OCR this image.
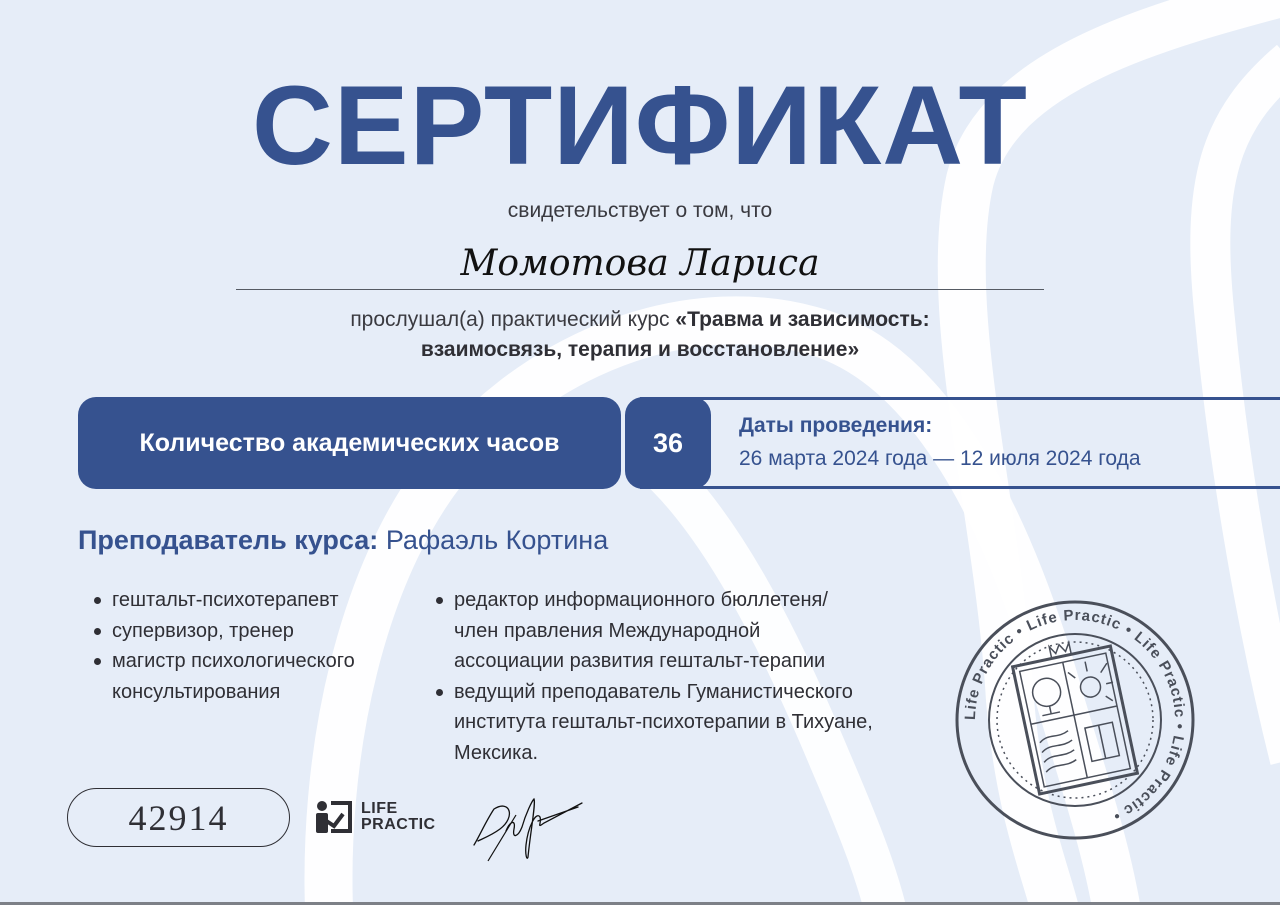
СЕРТИФИКАТ
свидетельствует о том, что
Момотова Лариса
прослушал(а) практический курс «Травма и зависимость:
взаимосвязь, терапия и восстановление»
Количество академических часов	36
Даты проведения:
26 марта 2024 года — 12 июля 2024 года
Преподаватель курса: Рафаэль Кортина
гештальт-психотерапевт
супервизор, тренер
магистр психологического консультирования
редактор информационного бюллетеня/ член правления Международной ассоциации развития гештальт-терапии
ведущий преподаватель Гуманистического института гештальт-психотерапии в Тихуане, Мексика.
42914	LIFE
PRACTIC
Life Practic • Life Practic • Life Practic • Life Practic •
